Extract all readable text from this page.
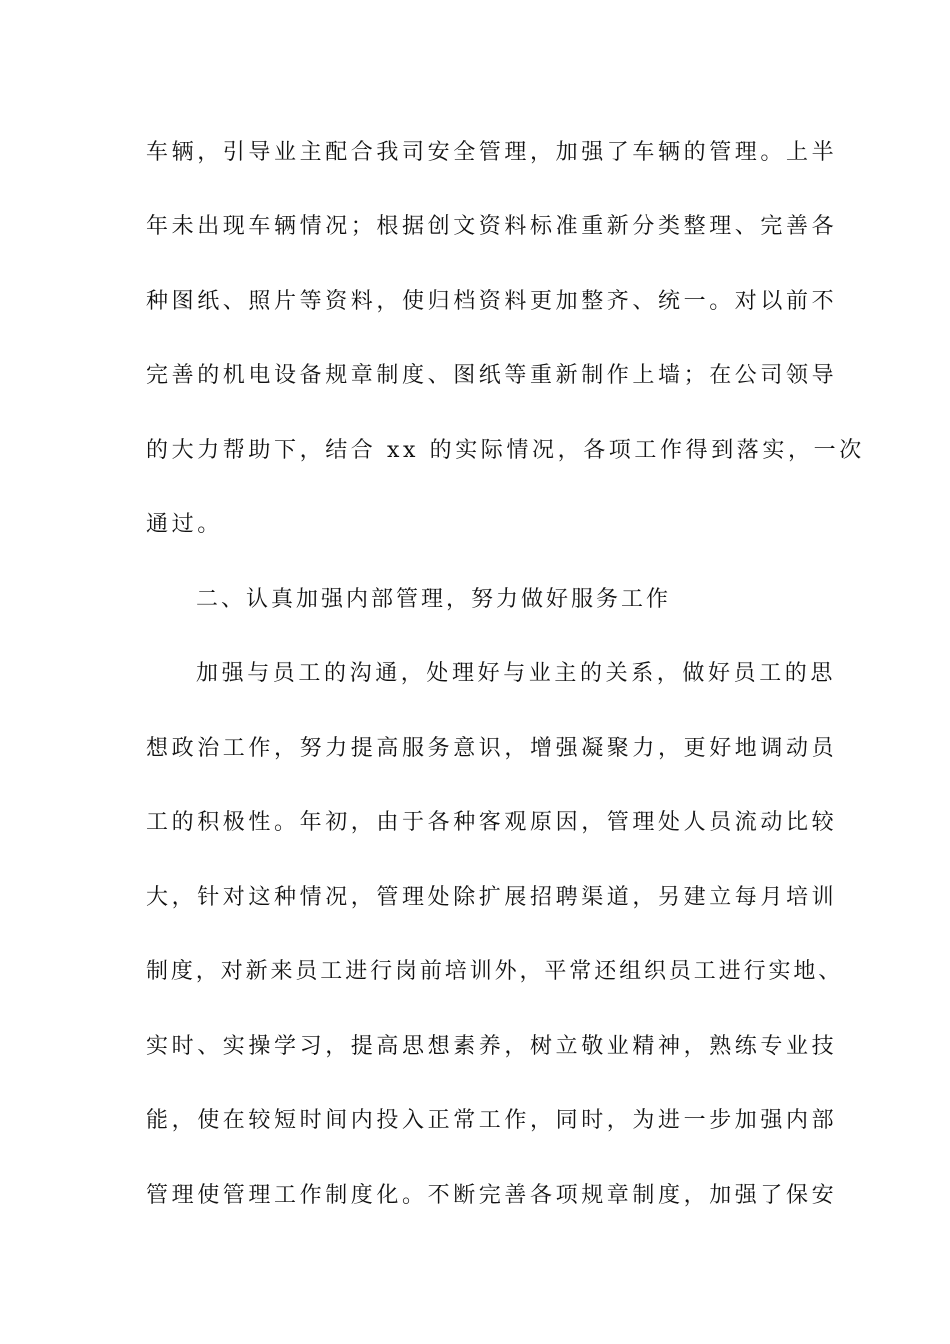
车辆，引导业主配合我司安全管理，加强了车辆的管理。上半
年未出现车辆情况；根据创文资料标准重新分类整理、完善各
种图纸、照片等资料，使归档资料更加整齐、统一。对以前不
完善的机电设备规章制度、图纸等重新制作上墙；在公司领导
的大力帮助下，结合 xx 的实际情况，各项工作得到落实，一次
通过。
二、认真加强内部管理，努力做好服务工作
加强与员工的沟通，处理好与业主的关系，做好员工的思
想政治工作，努力提高服务意识，增强凝聚力，更好地调动员
工的积极性。年初，由于各种客观原因，管理处人员流动比较
大，针对这种情况，管理处除扩展招聘渠道，另建立每月培训
制度，对新来员工进行岗前培训外，平常还组织员工进行实地、
实时、实操学习，提高思想素养，树立敬业精神，熟练专业技
能，使在较短时间内投入正常工作，同时，为进一步加强内部
管理使管理工作制度化。不断完善各项规章制度，加强了保安
